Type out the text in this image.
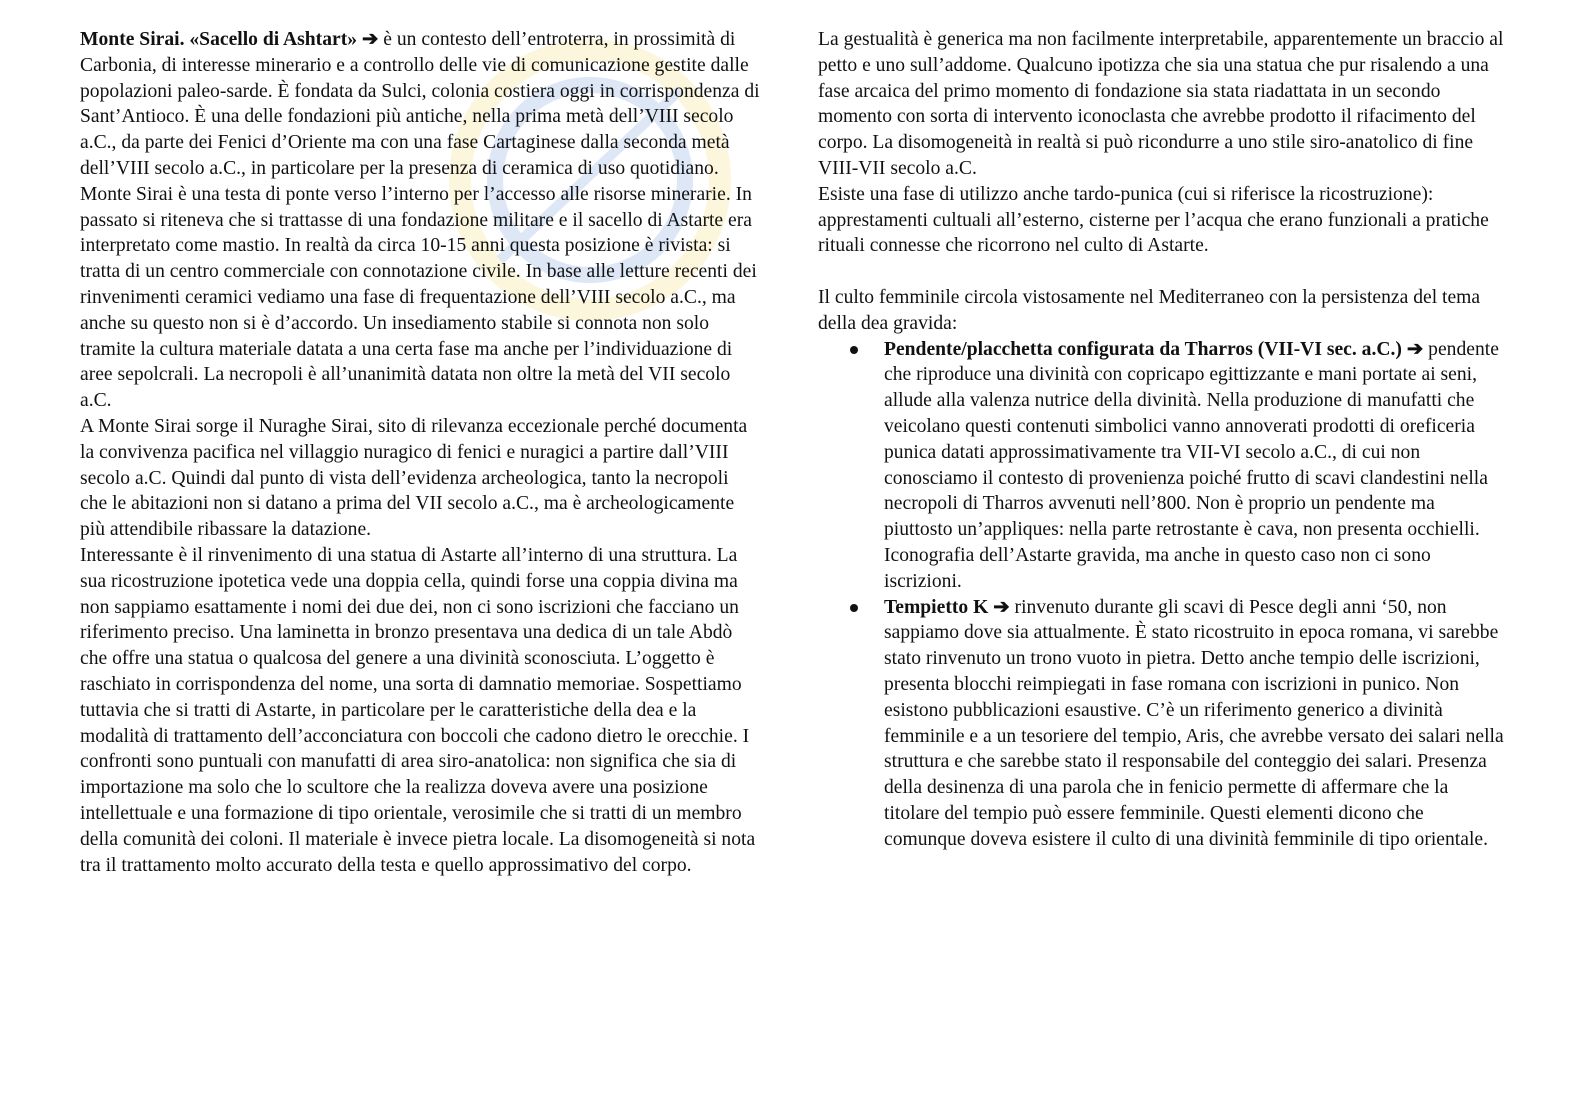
Monte Sirai. «Sacello di Ashtart» ➔ è un contesto dell’entroterra, in prossimità di Carbonia, di interesse minerario e a controllo delle vie di comunicazione gestite dalle popolazioni paleo-sarde. È fondata da Sulci, colonia costiera oggi in corrispondenza di Sant’Antioco. È una delle fondazioni più antiche, nella prima metà dell’VIII secolo a.C., da parte dei Fenici d’Oriente ma con una fase Cartaginese dalla seconda metà dell’VIII secolo a.C., in particolare per la presenza di ceramica di uso quotidiano. Monte Sirai è una testa di ponte verso l’interno per l’accesso alle risorse minerarie. In passato si riteneva che si trattasse di una fondazione militare e il sacello di Astarte era interpretato come mastio. In realtà da circa 10-15 anni questa posizione è rivista: si tratta di un centro commerciale con connotazione civile. In base alle letture recenti dei rinvenimenti ceramici vediamo una fase di frequentazione dell’VIII secolo a.C., ma anche su questo non si è d’accordo. Un insediamento stabile si connota non solo tramite la cultura materiale datata a una certa fase ma anche per l’individuazione di aree sepolcrali. La necropoli è all’unanimità datata non oltre la metà del VII secolo a.C.

A Monte Sirai sorge il Nuraghe Sirai, sito di rilevanza eccezionale perché documenta la convivenza pacifica nel villaggio nuragico di fenici e nuragici a partire dall’VIII secolo a.C. Quindi dal punto di vista dell’evidenza archeologica, tanto la necropoli che le abitazioni non si datano a prima del VII secolo a.C., ma è archeologicamente più attendibile ribassare la datazione.

Interessante è il rinvenimento di una statua di Astarte all’interno di una struttura. La sua ricostruzione ipotetica vede una doppia cella, quindi forse una coppia divina ma non sappiamo esattamente i nomi dei due dei, non ci sono iscrizioni che facciano un riferimento preciso. Una laminetta in bronzo presentava una dedica di un tale Abdò che offre una statua o qualcosa del genere a una divinità sconosciuta. L’oggetto è raschiato in corrispondenza del nome, una sorta di damnatio memoriae. Sospettiamo tuttavia che si tratti di Astarte, in particolare per le caratteristiche della dea e la modalità di trattamento dell’acconciatura con boccoli che cadono dietro le orecchie. I confronti sono puntuali con manufatti di area siro-anatolica: non significa che sia di importazione ma solo che lo scultore che la realizza doveva avere una posizione intellettuale e una formazione di tipo orientale, verosimile che si tratti di un membro della comunità dei coloni. Il materiale è invece pietra locale. La disomogeneità si nota tra il trattamento molto accurato della testa e quello approssimativo del corpo.

La gestualità è generica ma non facilmente interpretabile, apparentemente un braccio al petto e uno sull’addome. Qualcuno ipotizza che sia una statua che pur risalendo a una fase arcaica del primo momento di fondazione sia stata riadattata in un secondo momento con sorta di intervento iconoclasta che avrebbe prodotto il rifacimento del corpo. La disomogeneità in realtà si può ricondurre a uno stile siro-anatolico di fine VIII-VII secolo a.C.

Esiste una fase di utilizzo anche tardo-punica (cui si riferisce la ricostruzione): apprestamenti cultuali all’esterno, cisterne per l’acqua che erano funzionali a pratiche rituali connesse che ricorrono nel culto di Astarte.

Il culto femminile circola vistosamente nel Mediterraneo con la persistenza del tema della dea gravida:

Pendente/placchetta configurata da Tharros (VII-VI sec. a.C.) ➔ pendente che riproduce una divinità con copricapo egittizzante e mani portate ai seni, allude alla valenza nutrice della divinità. Nella produzione di manufatti che veicolano questi contenuti simbolici vanno annoverati prodotti di oreficeria punica datati approssimativamente tra VII-VI secolo a.C., di cui non conosciamo il contesto di provenienza poiché frutto di scavi clandestini nella necropoli di Tharros avvenuti nell’800. Non è proprio un pendente ma piuttosto un’appliques: nella parte retrostante è cava, non presenta occhielli. Iconografia dell’Astarte gravida, ma anche in questo caso non ci sono iscrizioni.
Tempietto K ➔ rinvenuto durante gli scavi di Pesce degli anni ‘50, non sappiamo dove sia attualmente. È stato ricostruito in epoca romana, vi sarebbe stato rinvenuto un trono vuoto in pietra. Detto anche tempio delle iscrizioni, presenta blocchi reimpiegati in fase romana con iscrizioni in punico. Non esistono pubblicazioni esaustive. C’è un riferimento generico a divinità femminile e a un tesoriere del tempio, Aris, che avrebbe versato dei salari nella struttura e che sarebbe stato il responsabile del conteggio dei salari. Presenza della desinenza di una parola che in fenicio permette di affermare che la titolare del tempio può essere femminile. Questi elementi dicono che comunque doveva esistere il culto di una divinità femminile di tipo orientale.
